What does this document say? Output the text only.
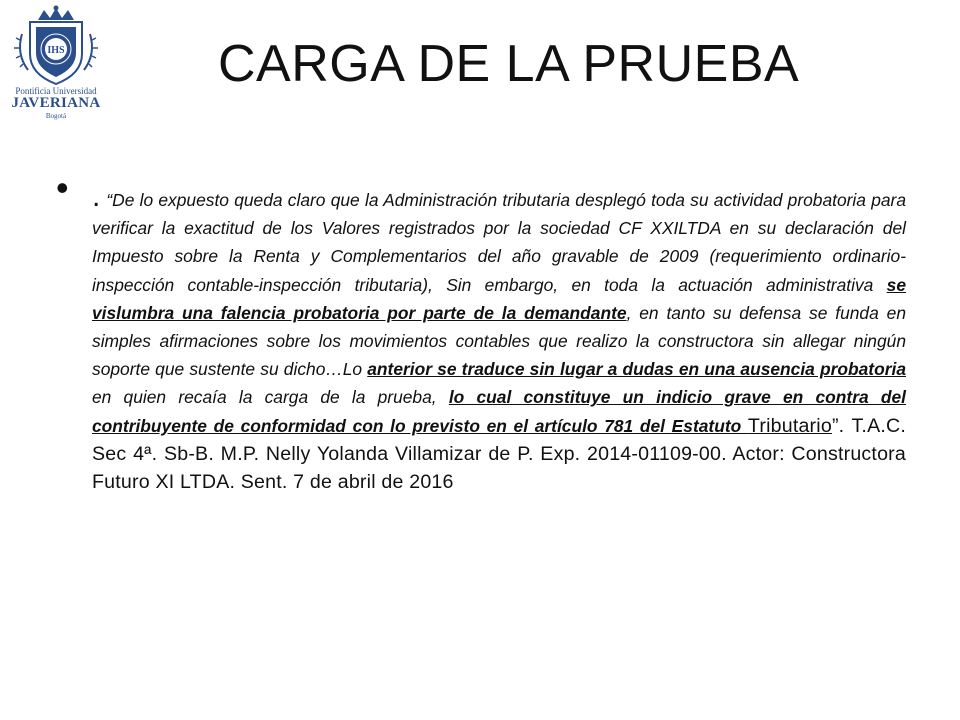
IHS
Pontificia Universidad
JAVERIANA
Bogotá
CARGA DE LA PRUEBA
• . “De lo expuesto queda claro que la Administración tributaria desplegó toda su actividad probatoria para verificar la exactitud de los Valores registrados por la sociedad CF XXILTDA en su declaración del Impuesto sobre la Renta y Complementarios del año gravable de 2009 (requerimiento ordinario-inspección contable-inspección tributaria), Sin embargo, en toda la actuación administrativa se vislumbra una falencia probatoria por parte de la demandante, en tanto su defensa se funda en simples afirmaciones sobre los movimientos contables que realizo la constructora sin allegar ningún soporte que sustente su dicho…Lo anterior se traduce sin lugar a dudas en una ausencia probatoria en quien recaía la carga de la prueba, lo cual constituye un indicio grave en contra del contribuyente de conformidad con lo previsto en el artículo 781 del Estatuto Tributario”. T.A.C. Sec 4ª. Sb-B. M.P. Nelly Yolanda Villamizar de P. Exp. 2014-01109-00. Actor: Constructora Futuro XI LTDA. Sent. 7 de abril de 2016
